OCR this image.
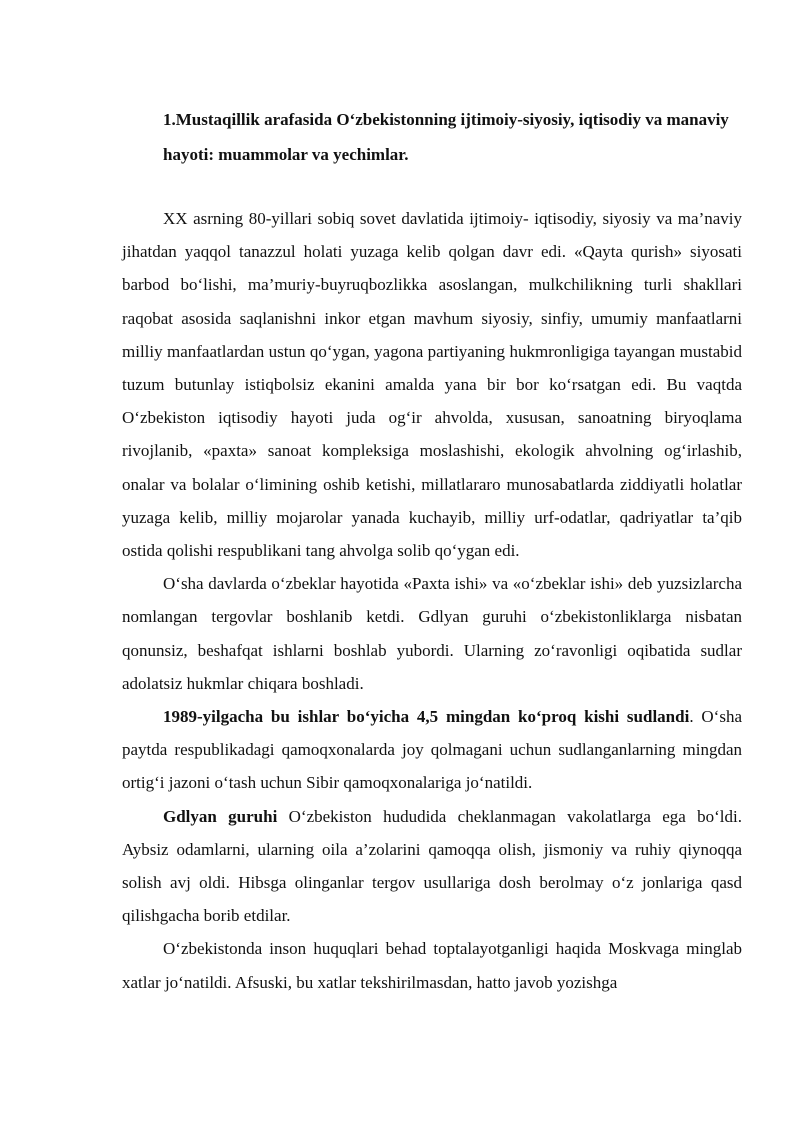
1.Mustaqillik arafasida O‘zbekistonning ijtimoiy-siyosiy, iqtisodiy va manaviy hayoti: muammolar va yechimlar.

XX asrning 80-yillari sobiq sovet davlatida ijtimoiy- iqtisodiy, siyosiy va ma’naviy jihatdan yaqqol tanazzul holati yuzaga kelib qolgan davr edi. «Qayta qurish» siyosati barbod bo‘lishi, ma’muriy-buyruqbozlikka asoslangan, mulkchilikning turli shakllari raqobat asosida saqlanishni inkor etgan mavhum siyosiy, sinfiy, umumiy manfaatlarni milliy manfaatlardan ustun qo‘ygan, yagona partiyaning hukmronligiga tayangan mustabid tuzum butunlay istiqbolsiz ekanini amalda yana bir bor ko‘rsatgan edi. Bu vaqtda O‘zbekiston iqtisodiy hayoti juda og‘ir ahvolda, xususan, sanoatning biryoqlama rivojlanib, «paxta» sanoat kompleksiga moslashishi, ekologik ahvolning og‘irlashib, onalar va bolalar o‘limining oshib ketishi, millatlararo munosabatlarda ziddiyatli holatlar yuzaga kelib, milliy mojarolar yanada kuchayib, milliy urf-odatlar, qadriyatlar ta’qib ostida qolishi respublikani tang ahvolga solib qo‘ygan edi.

O‘sha davlarda o‘zbeklar hayotida «Paxta ishi» va «o‘zbeklar ishi» deb yuzsizlarcha nomlangan tergovlar boshlanib ketdi. Gdlyan guruhi o‘zbekistonliklarga nisbatan qonunsiz, beshafqat ishlarni boshlab yubordi. Ularning zo‘ravonligi oqibatida sudlar adolatsiz hukmlar chiqara boshladi.

1989-yilgacha bu ishlar bo‘yicha 4,5 mingdan ko‘proq kishi sudlandi. O‘sha paytda respublikadagi qamoqxonalarda joy qolmagani uchun sudlanganlarning mingdan ortig‘i jazoni o‘tash uchun Sibir qamoqxonalariga jo‘natildi.

Gdlyan guruhi O‘zbekiston hududida cheklanmagan vakolatlarga ega bo‘ldi. Aybsiz odamlarni, ularning oila a’zolarini qamoqqa olish, jismoniy va ruhiy qiynoqqa solish avj oldi. Hibsga olinganlar tergov usullariga dosh berolmay o‘z jonlariga qasd qilishgacha borib etdilar.

O‘zbekistonda inson huquqlari behad toptalayotganligi haqida Moskvaga minglab xatlar jo‘natildi. Afsuski, bu xatlar tekshirilmasdan, hatto javob yozishga
